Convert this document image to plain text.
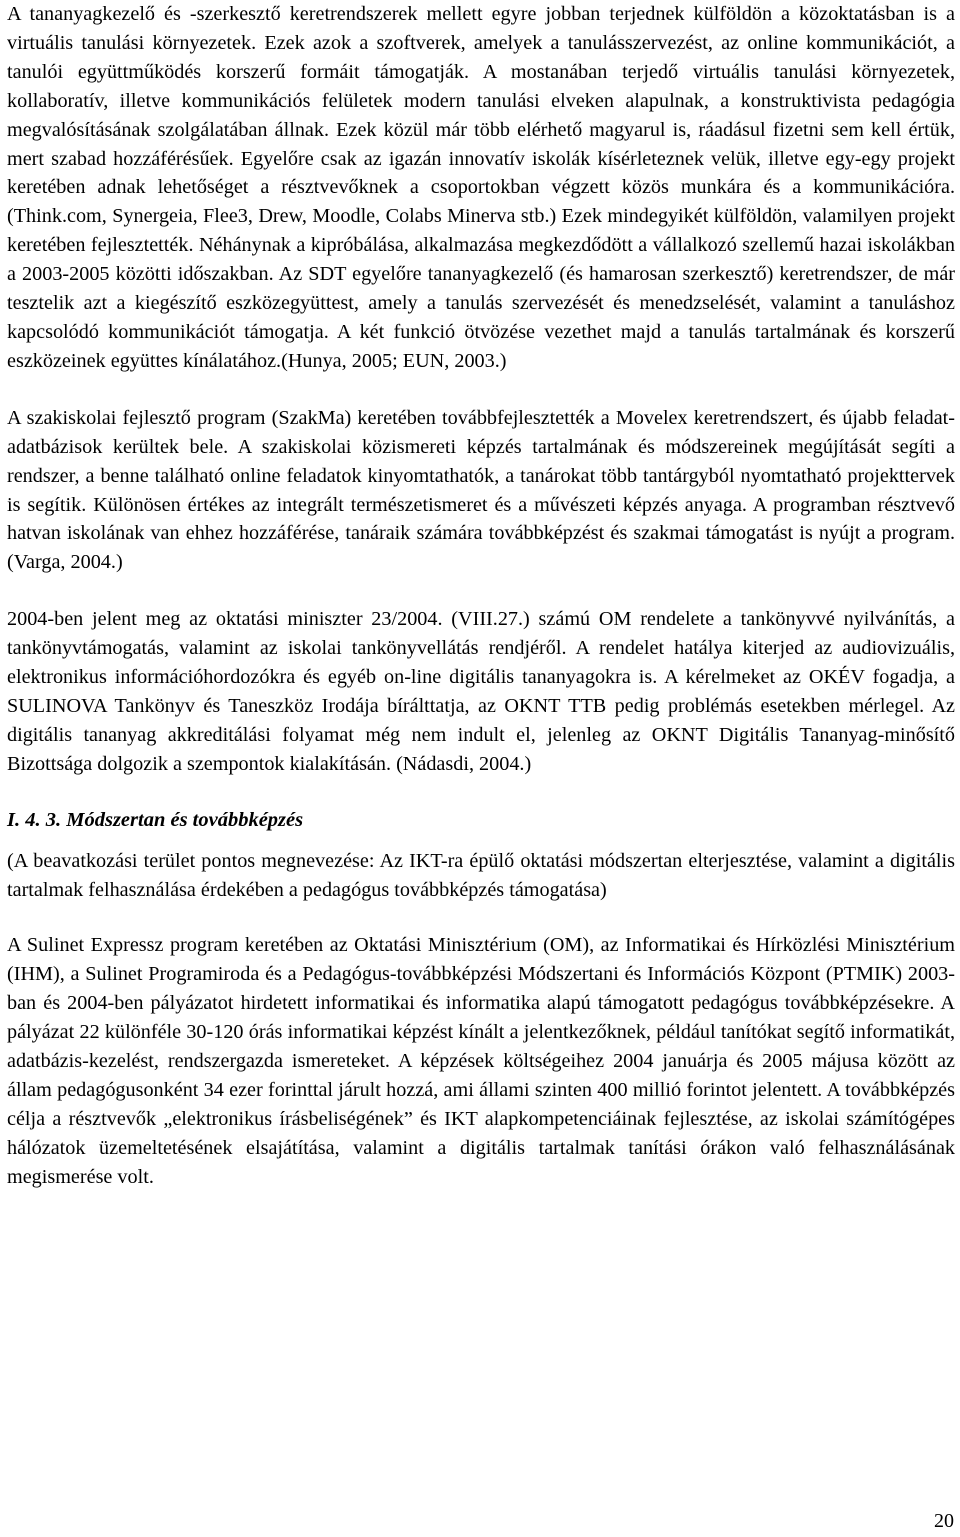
A tananyagkezelő és -szerkesztő keretrendszerek mellett egyre jobban terjednek külföldön a közoktatásban is a virtuális tanulási környezetek. Ezek azok a szoftverek, amelyek a tanulásszervezést, az online kommunikációt, a tanulói együttműködés korszerű formáit támogatják. A mostanában terjedő virtuális tanulási környezetek, kollaboratív, illetve kommunikációs felületek modern tanulási elveken alapulnak, a konstruktivista pedagógia megvalósításának szolgálatában állnak. Ezek közül már több elérhető magyarul is, ráadásul fizetni sem kell értük, mert szabad hozzáférésűek. Egyelőre csak az igazán innovatív iskolák kísérleteznek velük, illetve egy-egy projekt keretében adnak lehetőséget a résztvevőknek a csoportokban végzett közös munkára és a kommunikációra. (Think.com, Synergeia, Flee3, Drew, Moodle, Colabs Minerva stb.) Ezek mindegyikét külföldön, valamilyen projekt keretében fejlesztették. Néhánynak a kipróbálása, alkalmazása megkezdődött a vállalkozó szellemű hazai iskolákban a 2003-2005 közötti időszakban. Az SDT egyelőre tananyagkezelő (és hamarosan szerkesztő) keretrendszer, de már tesztelik azt a kiegészítő eszközegyüttest, amely a tanulás szervezését és menedzselését, valamint a tanuláshoz kapcsolódó kommunikációt támogatja. A két funkció ötvözése vezethet majd a tanulás tartalmának és korszerű eszközeinek együttes kínálatához.(Hunya, 2005; EUN, 2003.)

A szakiskolai fejlesztő program (SzakMa) keretében továbbfejlesztették a Movelex keretrendszert, és újabb feladat-adatbázisok kerültek bele. A szakiskolai közismereti képzés tartalmának és módszereinek megújítását segíti a rendszer, a benne található online feladatok kinyomtathatók, a tanárokat több tantárgyból nyomtatható projekttervek is segítik. Különösen értékes az integrált természetismeret és a művészeti képzés anyaga. A programban résztvevő hatvan iskolának van ehhez hozzáférése, tanáraik számára továbbképzést és szakmai támogatást is nyújt a program. (Varga, 2004.)

2004-ben jelent meg az oktatási miniszter 23/2004. (VIII.27.) számú OM rendelete a tankönyvvé nyilvánítás, a tankönyvtámogatás, valamint az iskolai tankönyvellátás rendjéről. A rendelet hatálya kiterjed az audiovizuális, elektronikus információhordozókra és egyéb on-line digitális tananyagokra is. A kérelmeket az OKÉV fogadja, a SULINOVA Tankönyv és Taneszköz Irodája bírálttatja, az OKNT TTB pedig problémás esetekben mérlegel. Az digitális tananyag akkreditálási folyamat még nem indult el, jelenleg az OKNT Digitális Tananyag-minősítő Bizottsága dolgozik a szempontok kialakításán. (Nádasdi, 2004.)

I. 4. 3. Módszertan és továbbképzés

(A beavatkozási terület pontos megnevezése: Az IKT-ra épülő oktatási módszertan elterjesztése, valamint a digitális tartalmak felhasználása érdekében a pedagógus továbbképzés támogatása)

A Sulinet Expressz program keretében az Oktatási Minisztérium (OM), az Informatikai és Hírközlési Minisztérium (IHM), a Sulinet Programiroda és a Pedagógus-továbbképzési Módszertani és Információs Központ (PTMIK) 2003-ban és 2004-ben pályázatot hirdetett informatikai és informatika alapú támogatott pedagógus továbbképzésekre. A pályázat 22 különféle 30-120 órás informatikai képzést kínált a jelentkezőknek, például tanítókat segítő informatikát, adatbázis-kezelést, rendszergazda ismereteket. A képzések költségeihez 2004 januárja és 2005 májusa között az állam pedagógusonként 34 ezer forinttal járult hozzá, ami állami szinten 400 millió forintot jelentett. A továbbképzés célja a résztvevők „elektronikus írásbeliségének” és IKT alapkompetenciáinak fejlesztése, az iskolai számítógépes hálózatok üzemeltetésének elsajátítása, valamint a digitális tartalmak tanítási órákon való felhasználásának megismerése volt.

20
